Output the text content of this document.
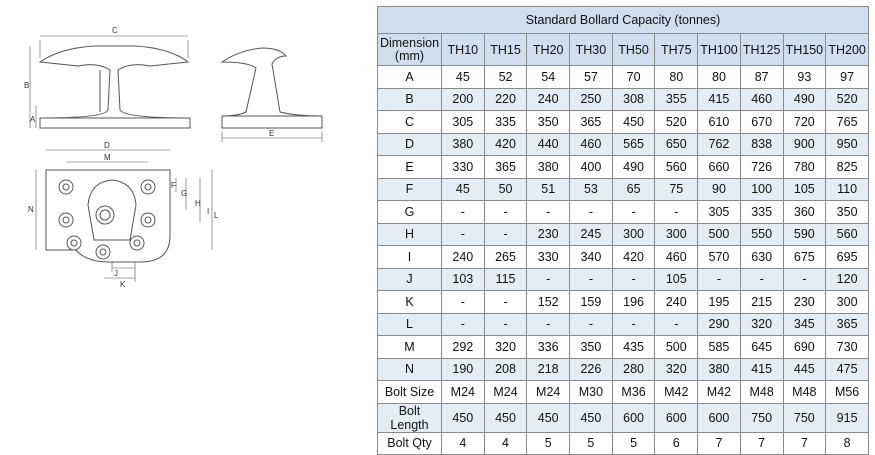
C
B
A
E
D
M
N
F
G
H
I L
J
K
Standard Bollard Capacity (tonnes)										
Dimension
(mm)	TH10	TH15	TH20	TH30	TH50	TH75	TH100	TH125	TH150	TH200
A	45	52	54	57	70	80	80	87	93	97
B	200	220	240	250	308	355	415	460	490	520
C	305	335	350	365	450	520	610	670	720	765
D	380	420	440	460	565	650	762	838	900	950
E	330	365	380	400	490	560	660	726	780	825
F	45	50	51	53	65	75	90	100	105	110
G	-	-	-	-	-	-	305	335	360	350
H	-	-	230	245	300	300	500	550	590	560
I	240	265	330	340	420	460	570	630	675	695
J	103	115	-	-	-	105	-	-	-	120
K	-	-	152	159	196	240	195	215	230	300
L	-	-	-	-	-	-	290	320	345	365
M	292	320	336	350	435	500	585	645	690	730
N	190	208	218	226	280	320	380	415	445	475
Bolt Size	M24	M24	M24	M30	M36	M42	M42	M48	M48	M56
Bolt Length	450	450	450	450	600	600	600	750	750	915
Bolt Qty	4	4	5	5	5	6	7	7	7	8
